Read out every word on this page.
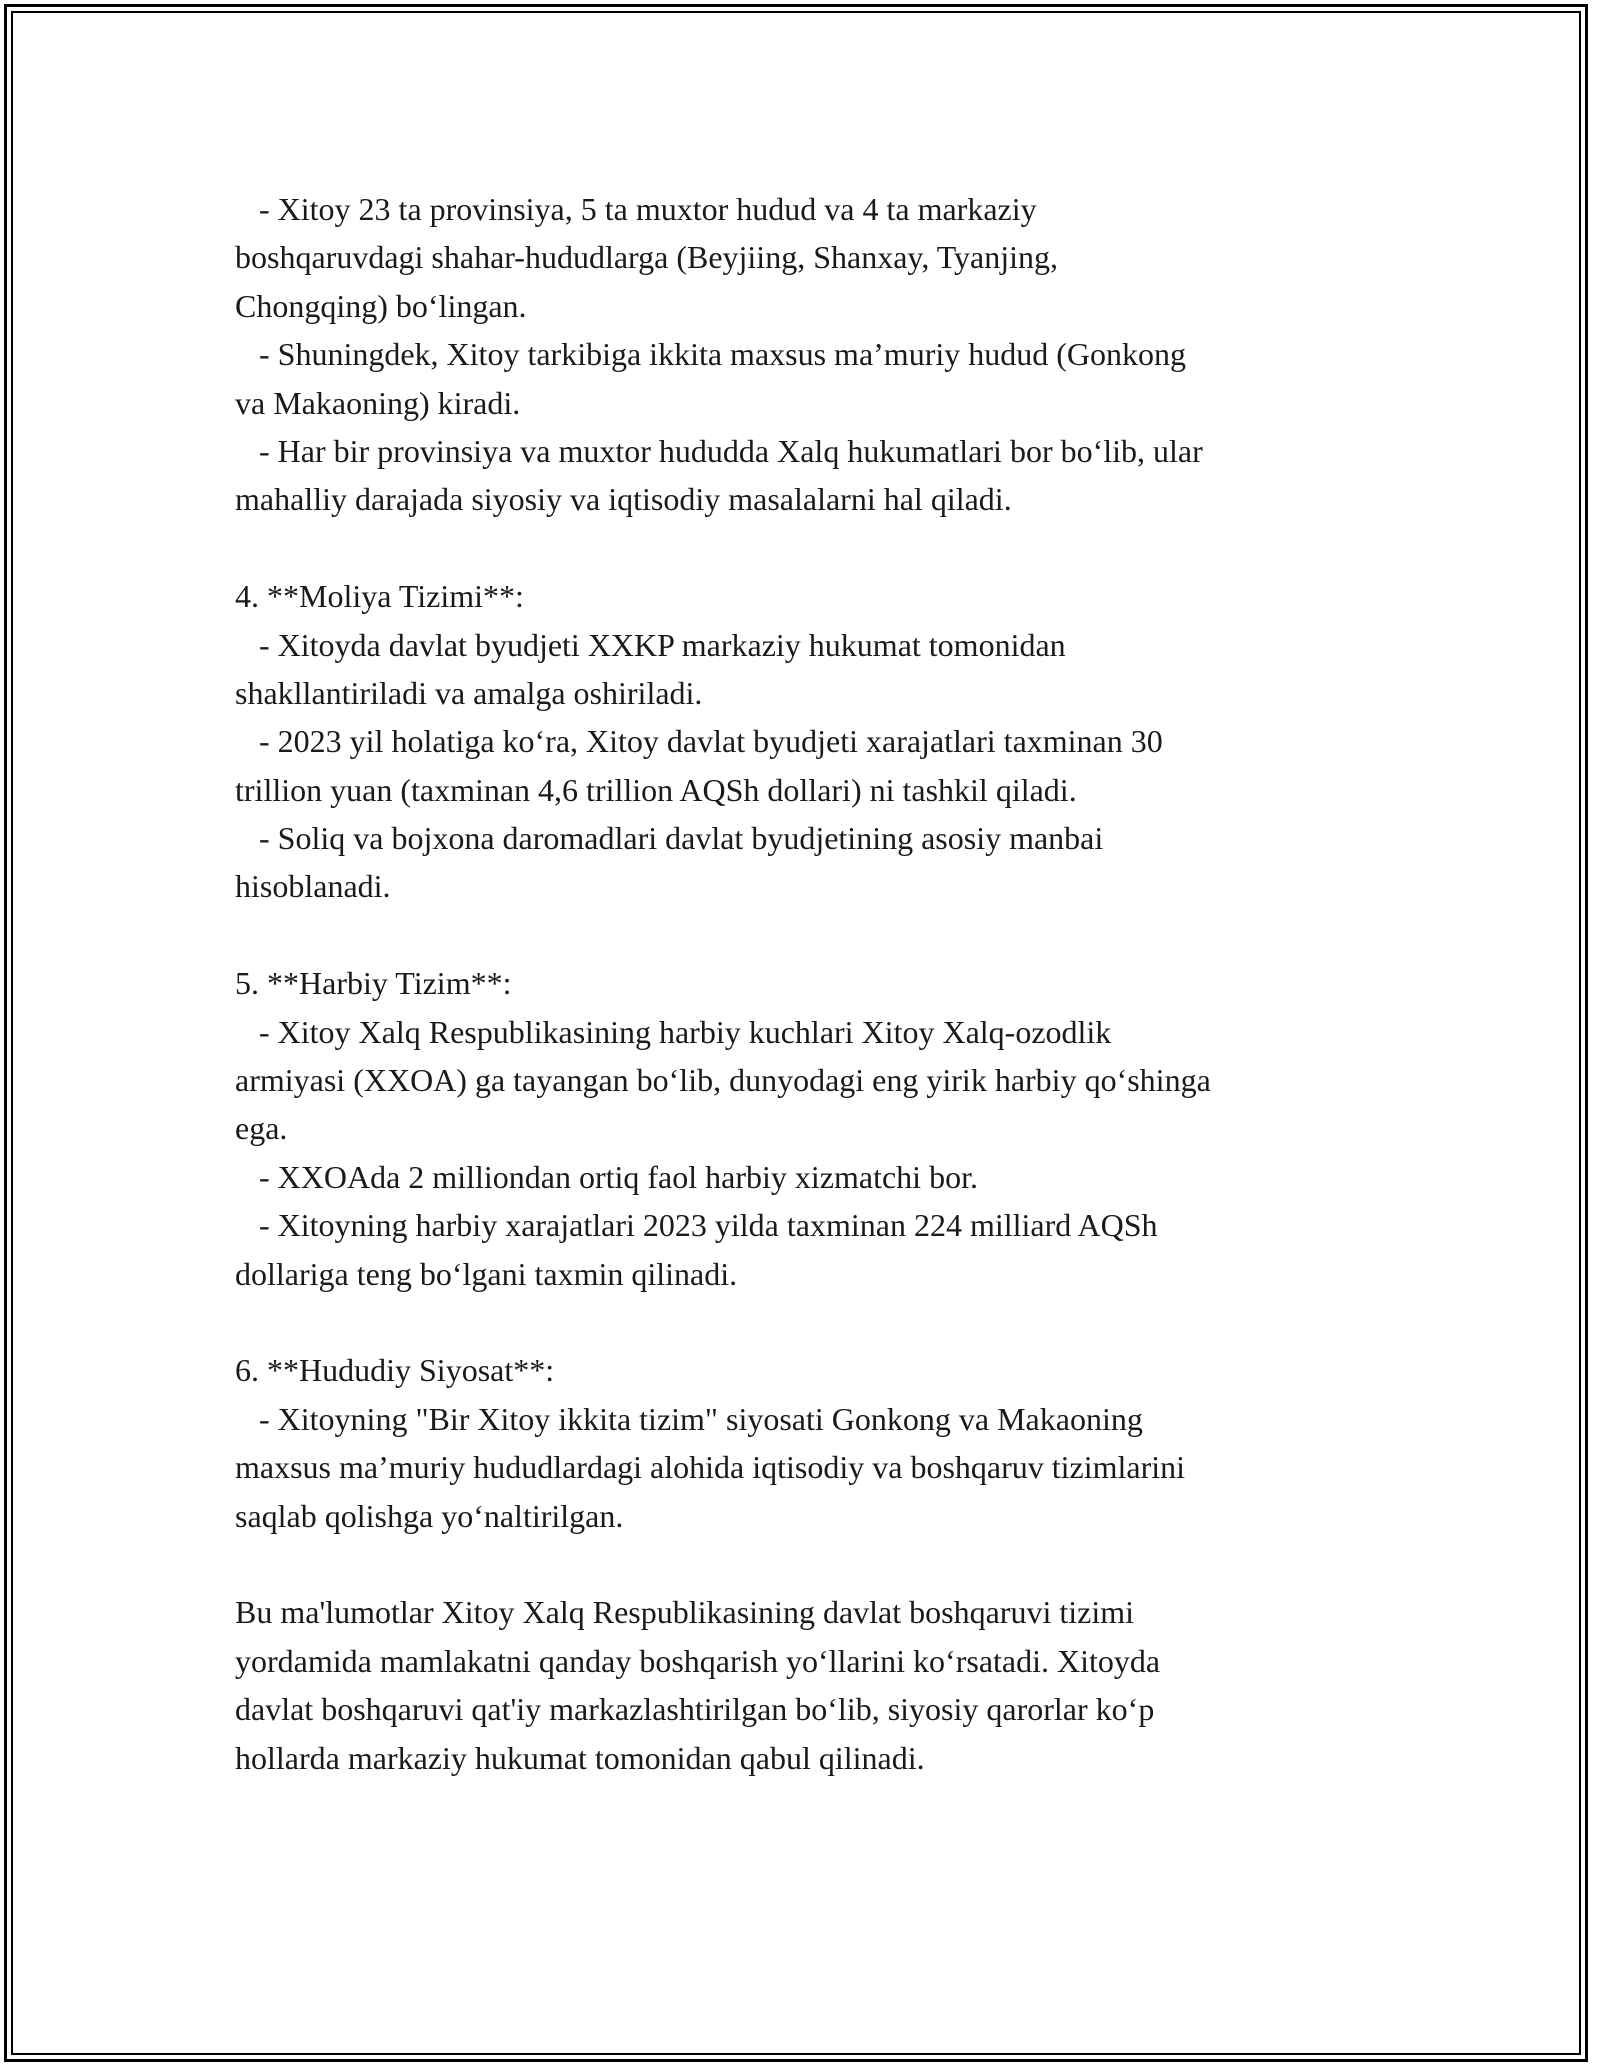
- Xitoy 23 ta provinsiya, 5 ta muxtor hudud va 4 ta markaziy
boshqaruvdagi shahar-hududlarga (Beyjiing, Shanxay, Tyanjing,
Chongqing) bo‘lingan.
- Shuningdek, Xitoy tarkibiga ikkita maxsus ma’muriy hudud (Gonkong
va Makaoning) kiradi.
- Har bir provinsiya va muxtor hududda Xalq hukumatlari bor bo‘lib, ular
mahalliy darajada siyosiy va iqtisodiy masalalarni hal qiladi.
4. **Moliya Tizimi**:
- Xitoyda davlat byudjeti XXKP markaziy hukumat tomonidan
shakllantiriladi va amalga oshiriladi.
- 2023 yil holatiga ko‘ra, Xitoy davlat byudjeti xarajatlari taxminan 30
trillion yuan (taxminan 4,6 trillion AQSh dollari) ni tashkil qiladi.
- Soliq va bojxona daromadlari davlat byudjetining asosiy manbai
hisoblanadi.
5. **Harbiy Tizim**:
- Xitoy Xalq Respublikasining harbiy kuchlari Xitoy Xalq-ozodlik
armiyasi (XXOA) ga tayangan bo‘lib, dunyodagi eng yirik harbiy qo‘shinga
ega.
- XXOAda 2 milliondan ortiq faol harbiy xizmatchi bor.
- Xitoyning harbiy xarajatlari 2023 yilda taxminan 224 milliard AQSh
dollariga teng bo‘lgani taxmin qilinadi.
6. **Hududiy Siyosat**:
- Xitoyning "Bir Xitoy ikkita tizim" siyosati Gonkong va Makaoning
maxsus ma’muriy hududlardagi alohida iqtisodiy va boshqaruv tizimlarini
saqlab qolishga yo‘naltirilgan.
Bu ma'lumotlar Xitoy Xalq Respublikasining davlat boshqaruvi tizimi
yordamida mamlakatni qanday boshqarish yo‘llarini ko‘rsatadi. Xitoyda
davlat boshqaruvi qat'iy markazlashtirilgan bo‘lib, siyosiy qarorlar ko‘p
hollarda markaziy hukumat tomonidan qabul qilinadi.
